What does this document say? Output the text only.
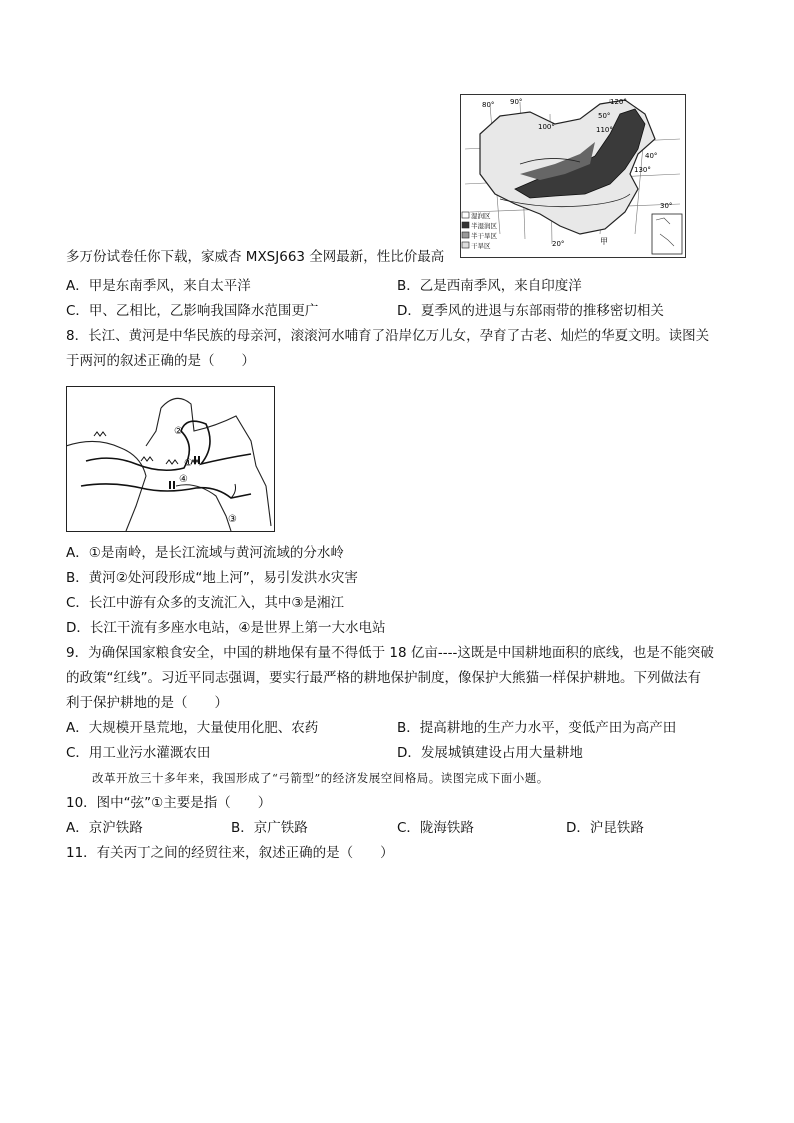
80° 90°
100°
120°
50°
110°
40°
130°
30°
20°	甲
湿润区
半湿润区
半干旱区
干旱区
多万份试卷任你下载，家威杏 MXSJ663 全网最新，性比价最高
A．甲是东南季风，来自太平洋	B．乙是西南季风，来自印度洋
C．甲、乙相比，乙影响我国降水范围更广	D．夏季风的进退与东部雨带的推移密切相关
8．长江、黄河是中华民族的母亲河，滚滚河水哺育了沿岸亿万儿女，孕育了古老、灿烂的华夏文明。读图关
于两河的叙述正确的是（　　）
②
①
④
③
A．①是南岭，是长江流域与黄河流域的分水岭
B．黄河②处河段形成“地上河”，易引发洪水灾害
C．长江中游有众多的支流汇入，其中③是湘江
D．长江干流有多座水电站，④是世界上第一大水电站
9．为确保国家粮食安全，中国的耕地保有量不得低于 18 亿亩----这既是中国耕地面积的底线，也是不能突破
的政策“红线”。习近平同志强调，要实行最严格的耕地保护制度，像保护大熊猫一样保护耕地。下列做法有
利于保护耕地的是（　　）
A．大规模开垦荒地，大量使用化肥、农药	B．提高耕地的生产力水平，变低产田为高产田
C．用工业污水灌溉农田	D．发展城镇建设占用大量耕地
改革开放三十多年来，我国形成了“弓箭型”的经济发展空间格局。读图完成下面小题。
10．图中“弦”①主要是指（　　）
A．京沪铁路	B．京广铁路	C．陇海铁路	D．沪昆铁路
11．有关丙丁之间的经贸往来，叙述正确的是（　　）
